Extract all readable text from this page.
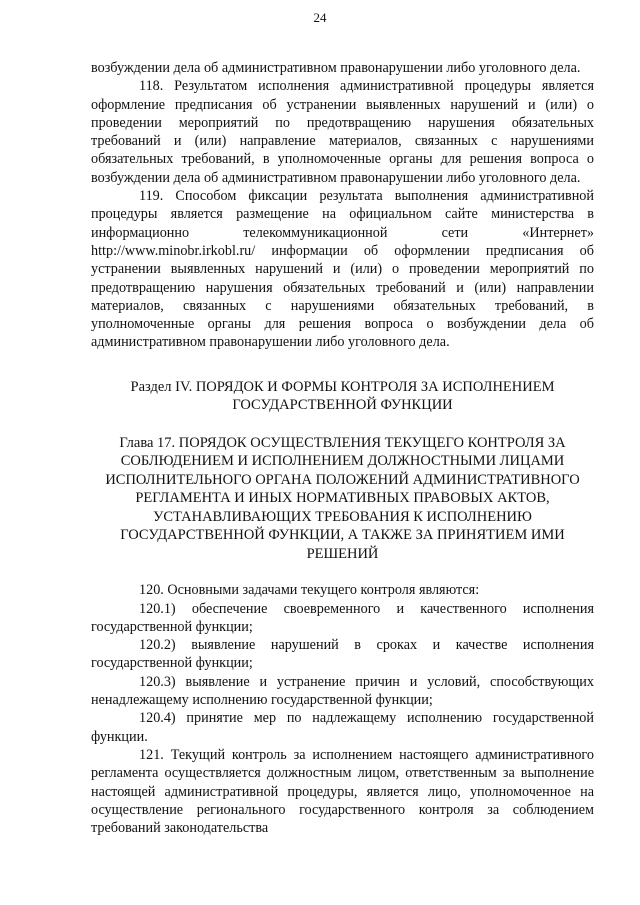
24

возбуждении дела об административном правонарушении либо уголовного дела.

118. Результатом исполнения административной процедуры является оформление предписания об устранении выявленных нарушений и (или) о проведении мероприятий по предотвращению нарушения обязательных требований и (или) направление материалов, связанных с нарушениями обязательных требований, в уполномоченные органы для решения вопроса о возбуждении дела об административном правонарушении либо уголовного дела.

119. Способом фиксации результата выполнения административной процедуры является размещение на официальном сайте министерства в информационно телекоммуникационной сети «Интернет» http://www.minobr.irkobl.ru/ информации об оформлении предписания об устранении выявленных нарушений и (или) о проведении мероприятий по предотвращению нарушения обязательных требований и (или) направлении материалов, связанных с нарушениями обязательных требований, в уполномоченные органы для решения вопроса о возбуждении дела об административном правонарушении либо уголовного дела.

Раздел IV. ПОРЯДОК И ФОРМЫ КОНТРОЛЯ ЗА ИСПОЛНЕНИЕМ ГОСУДАРСТВЕННОЙ ФУНКЦИИ
Глава 17. ПОРЯДОК ОСУЩЕСТВЛЕНИЯ ТЕКУЩЕГО КОНТРОЛЯ ЗА СОБЛЮДЕНИЕМ И ИСПОЛНЕНИЕМ ДОЛЖНОСТНЫМИ ЛИЦАМИ ИСПОЛНИТЕЛЬНОГО ОРГАНА ПОЛОЖЕНИЙ АДМИНИСТРАТИВНОГО РЕГЛАМЕНТА И ИНЫХ НОРМАТИВНЫХ ПРАВОВЫХ АКТОВ, УСТАНАВЛИВАЮЩИХ ТРЕБОВАНИЯ К ИСПОЛНЕНИЮ ГОСУДАРСТВЕННОЙ ФУНКЦИИ, А ТАКЖЕ ЗА ПРИНЯТИЕМ ИМИ РЕШЕНИЙ

120. Основными задачами текущего контроля являются:

120.1) обеспечение своевременного и качественного исполнения государственной функции;

120.2) выявление нарушений в сроках и качестве исполнения государственной функции;

120.3) выявление и устранение причин и условий, способствующих ненадлежащему исполнению государственной функции;

120.4) принятие мер по надлежащему исполнению государственной функции.

121. Текущий контроль за исполнением настоящего административного регламента осуществляется должностным лицом, ответственным за выполнение настоящей административной процедуры, является лицо, уполномоченное на осуществление регионального государственного контроля за соблюдением требований законодательства
